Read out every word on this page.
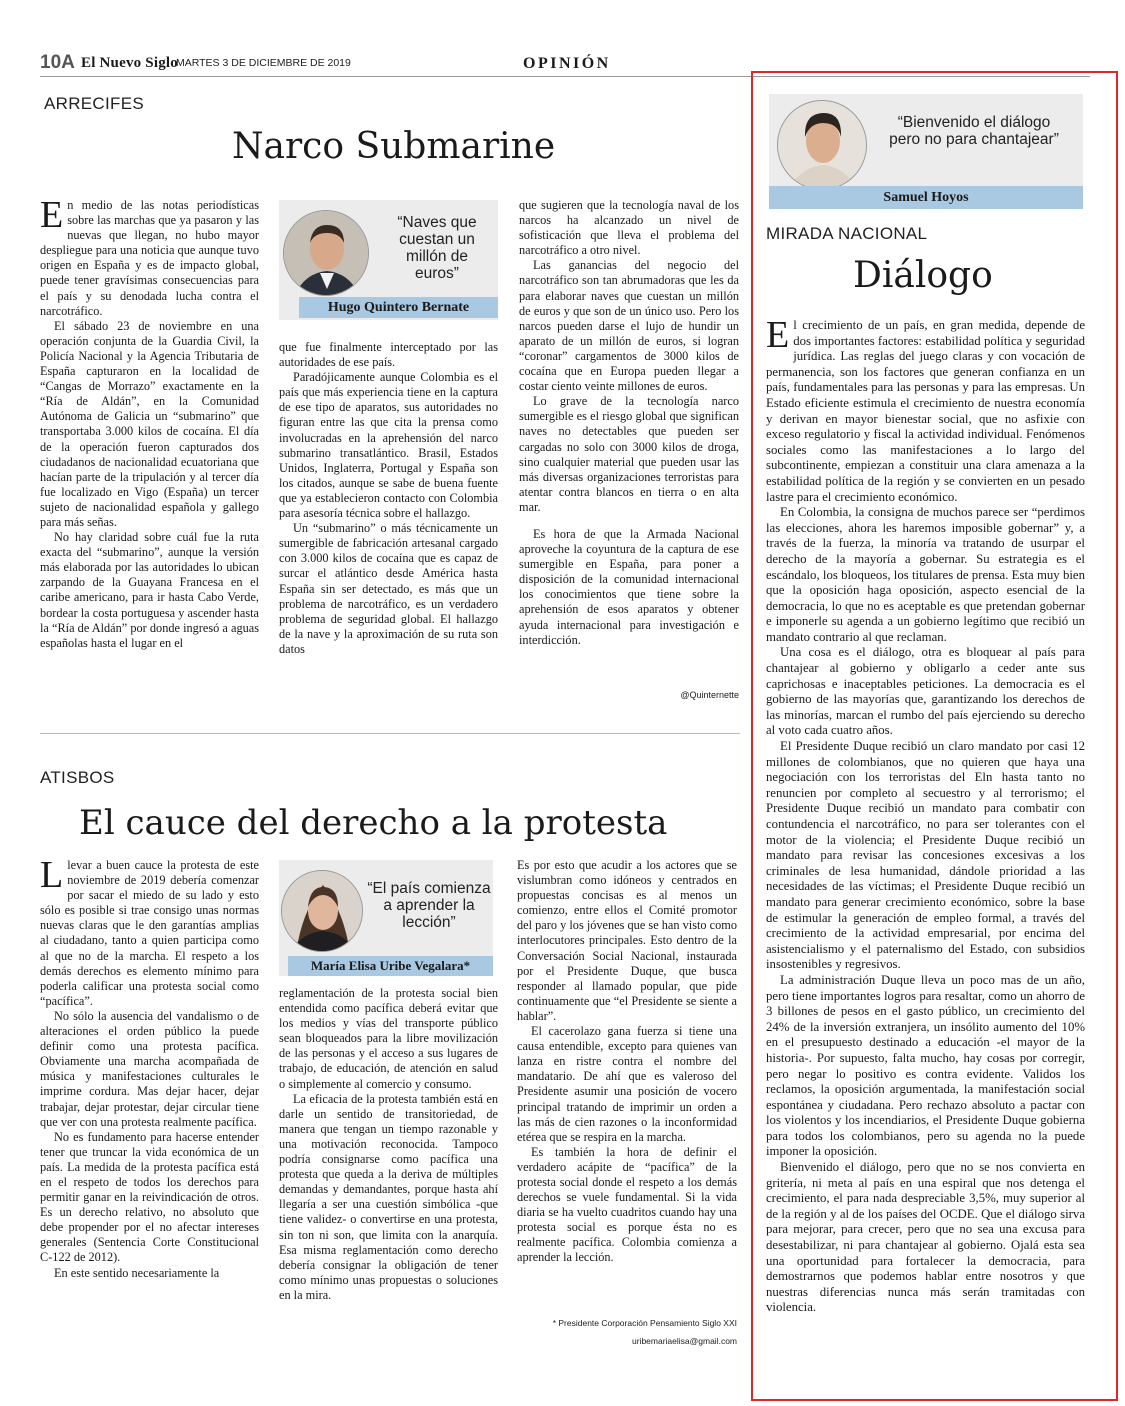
10A El Nuevo Siglo
MARTES 3 DE DICIEMBRE DE 2019	OPINIÓN
ARRECIFES
Narco Submarine

En medio de las notas periodísticas sobre las marchas que ya pasaron y las nuevas que llegan, no hubo mayor despliegue para una noticia que aunque tuvo origen en España y es de impacto global, puede tener gravísimas consecuencias para el país y su denodada lucha contra el narcotráfico.

El sábado 23 de noviembre en una operación conjunta de la Guardia Civil, la Policía Nacional y la Agencia Tributaria de España capturaron en la localidad de “Cangas de Morrazo” exactamente en la “Ría de Aldán”, en la Comunidad Autónoma de Galicia un “submarino” que transportaba 3.000 kilos de cocaína. El día de la operación fueron capturados dos ciudadanos de nacionalidad ecuatoriana que hacían parte de la tripulación y al tercer día fue localizado en Vigo (España) un tercer sujeto de nacionalidad española y gallego para más señas.

No hay claridad sobre cuál fue la ruta exacta del “submarino”, aunque la versión más elaborada por las autoridades lo ubican zarpando de la Guayana Francesa en el caribe americano, para ir hasta Cabo Verde, bordear la costa portuguesa y ascender hasta la “Ría de Aldán” por donde ingresó a aguas españolas hasta el lugar en el

“Naves que cuestan un millón de euros”
Hugo Quintero Bernate

que fue finalmente interceptado por las autoridades de ese país.

Paradójicamente aunque Colombia es el país que más experiencia tiene en la captura de ese tipo de aparatos, sus autoridades no figuran entre las que cita la prensa como involucradas en la aprehensión del narco submarino transatlántico. Brasil, Estados Unidos, Inglaterra, Portugal y España son los citados, aunque se sabe de buena fuente que ya establecieron contacto con Colombia para asesoría técnica sobre el hallazgo.

Un “submarino” o más técnicamente un sumergible de fabricación artesanal cargado con 3.000 kilos de cocaína que es capaz de surcar el atlántico desde América hasta España sin ser detectado, es más que un problema de narcotráfico, es un verdadero problema de seguridad global. El hallazgo de la nave y la aproximación de su ruta son datos

que sugieren que la tecnología naval de los narcos ha alcanzado un nivel de sofisticación que lleva el problema del narcotráfico a otro nivel.

Las ganancias del negocio del narcotráfico son tan abrumadoras que les da para elaborar naves que cuestan un millón de euros y que son de un único uso. Pero los narcos pueden darse el lujo de hundir un aparato de un millón de euros, si logran “coronar” cargamentos de 3000 kilos de cocaína que en Europa pueden llegar a costar ciento veinte millones de euros.

Lo grave de la tecnología narco sumergible es el riesgo global que significan naves no detectables que pueden ser cargadas no solo con 3000 kilos de droga, sino cualquier material que pueden usar las más diversas organizaciones terroristas para atentar contra blancos en tierra o en alta mar.

Es hora de que la Armada Nacional aproveche la coyuntura de la captura de ese sumergible en España, para poner a disposición de la comunidad internacional los conocimientos que tiene sobre la aprehensión de esos aparatos y obtener ayuda internacional para investigación e interdicción.

@Quinternette
ATISBOS
El cauce del derecho a la protesta

Llevar a buen cauce la protesta de este noviembre de 2019 debería comenzar por sacar el miedo de su lado y esto sólo es posible si trae consigo unas normas nuevas claras que le den garantías amplias al ciudadano, tanto a quien participa como al que no de la marcha. El respeto a los demás derechos es elemento mínimo para poderla calificar una protesta social como “pacífica”.

No sólo la ausencia del vandalismo o de alteraciones el orden público la puede definir como una protesta pacífica. Obviamente una marcha acompañada de música y manifestaciones culturales le imprime cordura. Mas dejar hacer, dejar trabajar, dejar protestar, dejar circular tiene que ver con una protesta realmente pacífica.

No es fundamento para hacerse entender tener que truncar la vida económica de un país. La medida de la protesta pacífica está en el respeto de todos los derechos para permitir ganar en la reivindicación de otros. Es un derecho relativo, no absoluto que debe propender por el no afectar intereses generales (Sentencia Corte Constitucional C-122 de 2012).

En este sentido necesariamente la

“El país comienza a aprender la lección”
María Elisa Uribe Vegalara*

reglamentación de la protesta social bien entendida como pacífica deberá evitar que los medios y vías del transporte público sean bloqueados para la libre movilización de las personas y el acceso a sus lugares de trabajo, de educación, de atención en salud o simplemente al comercio y consumo.

La eficacia de la protesta también está en darle un sentido de transitoriedad, de manera que tengan un tiempo razonable y una motivación reconocida. Tampoco podría consignarse como pacífica una protesta que queda a la deriva de múltiples demandas y demandantes, porque hasta ahí llegaría a ser una cuestión simbólica -que tiene validez- o convertirse en una protesta, sin ton ni son, que limita con la anarquía. Esa misma reglamentación como derecho debería consignar la obligación de tener como mínimo unas propuestas o soluciones en la mira.

Es por esto que acudir a los actores que se vislumbran como idóneos y centrados en propuestas concisas es al menos un comienzo, entre ellos el Comité promotor del paro y los jóvenes que se han visto como interlocutores principales. Esto dentro de la Conversación Social Nacional, instaurada por el Presidente Duque, que busca responder al llamado popular, que pide continuamente que “el Presidente se siente a hablar”.

El cacerolazo gana fuerza si tiene una causa entendible, excepto para quienes van lanza en ristre contra el nombre del mandatario. De ahí que es valeroso del Presidente asumir una posición de vocero principal tratando de imprimir un orden a las más de cien razones o la inconformidad etérea que se respira en la marcha.

Es también la hora de definir el verdadero acápite de “pacífica” de la protesta social donde el respeto a los demás derechos se vuele fundamental. Si la vida diaria se ha vuelto cuadritos cuando hay una protesta social es porque ésta no es realmente pacífica. Colombia comienza a aprender la lección.

* Presidente Corporación Pensamiento Siglo XXI
uribemariaelisa@gmail.com
“Bienvenido el diálogo pero no para chantajear”
Samuel Hoyos
MIRADA NACIONAL
Diálogo

El crecimiento de un país, en gran medida, depende de dos importantes factores: estabilidad política y seguridad jurídica. Las reglas del juego claras y con vocación de permanencia, son los factores que generan confianza en un país, fundamentales para las personas y para las empresas. Un Estado eficiente estimula el crecimiento de nuestra economía y derivan en mayor bienestar social, que no asfixie con exceso regulatorio y fiscal la actividad individual. Fenómenos sociales como las manifestaciones a lo largo del subcontinente, empiezan a constituir una clara amenaza a la estabilidad política de la región y se convierten en un pesado lastre para el crecimiento económico.

En Colombia, la consigna de muchos parece ser “perdimos las elecciones, ahora les haremos imposible gobernar” y, a través de la fuerza, la minoría va tratando de usurpar el derecho de la mayoría a gobernar. Su estrategia es el escándalo, los bloqueos, los titulares de prensa. Esta muy bien que la oposición haga oposición, aspecto esencial de la democracia, lo que no es aceptable es que pretendan gobernar e imponerle su agenda a un gobierno legítimo que recibió un mandato contrario al que reclaman.

Una cosa es el diálogo, otra es bloquear al país para chantajear al gobierno y obligarlo a ceder ante sus caprichosas e inaceptables peticiones. La democracia es el gobierno de las mayorías que, garantizando los derechos de las minorías, marcan el rumbo del país ejerciendo su derecho al voto cada cuatro años.

El Presidente Duque recibió un claro mandato por casi 12 millones de colombianos, que no quieren que haya una negociación con los terroristas del Eln hasta tanto no renuncien por completo al secuestro y al terrorismo; el Presidente Duque recibió un mandato para combatir con contundencia el narcotráfico, no para ser tolerantes con el motor de la violencia; el Presidente Duque recibió un mandato para revisar las concesiones excesivas a los criminales de lesa humanidad, dándole prioridad a las necesidades de las víctimas; el Presidente Duque recibió un mandato para generar crecimiento económico, sobre la base de estimular la generación de empleo formal, a través del crecimiento de la actividad empresarial, por encima del asistencialismo y el paternalismo del Estado, con subsidios insostenibles y regresivos.

La administración Duque lleva un poco mas de un año, pero tiene importantes logros para resaltar, como un ahorro de 3 billones de pesos en el gasto público, un crecimiento del 24% de la inversión extranjera, un insólito aumento del 10% en el presupuesto destinado a educación -el mayor de la historia-. Por supuesto, falta mucho, hay cosas por corregir, pero negar lo positivo es contra evidente. Validos los reclamos, la oposición argumentada, la manifestación social espontánea y ciudadana. Pero rechazo absoluto a pactar con los violentos y los incendiarios, el Presidente Duque gobierna para todos los colombianos, pero su agenda no la puede imponer la oposición.

Bienvenido el diálogo, pero que no se nos convierta en gritería, ni meta al país en una espiral que nos detenga el crecimiento, el para nada despreciable 3,5%, muy superior al de la región y al de los países del OCDE. Que el diálogo sirva para mejorar, para crecer, pero que no sea una excusa para desestabilizar, ni para chantajear al gobierno. Ojalá esta sea una oportunidad para fortalecer la democracia, para demostrarnos que podemos hablar entre nosotros y que nuestras diferencias nunca más serán tramitadas con violencia.
